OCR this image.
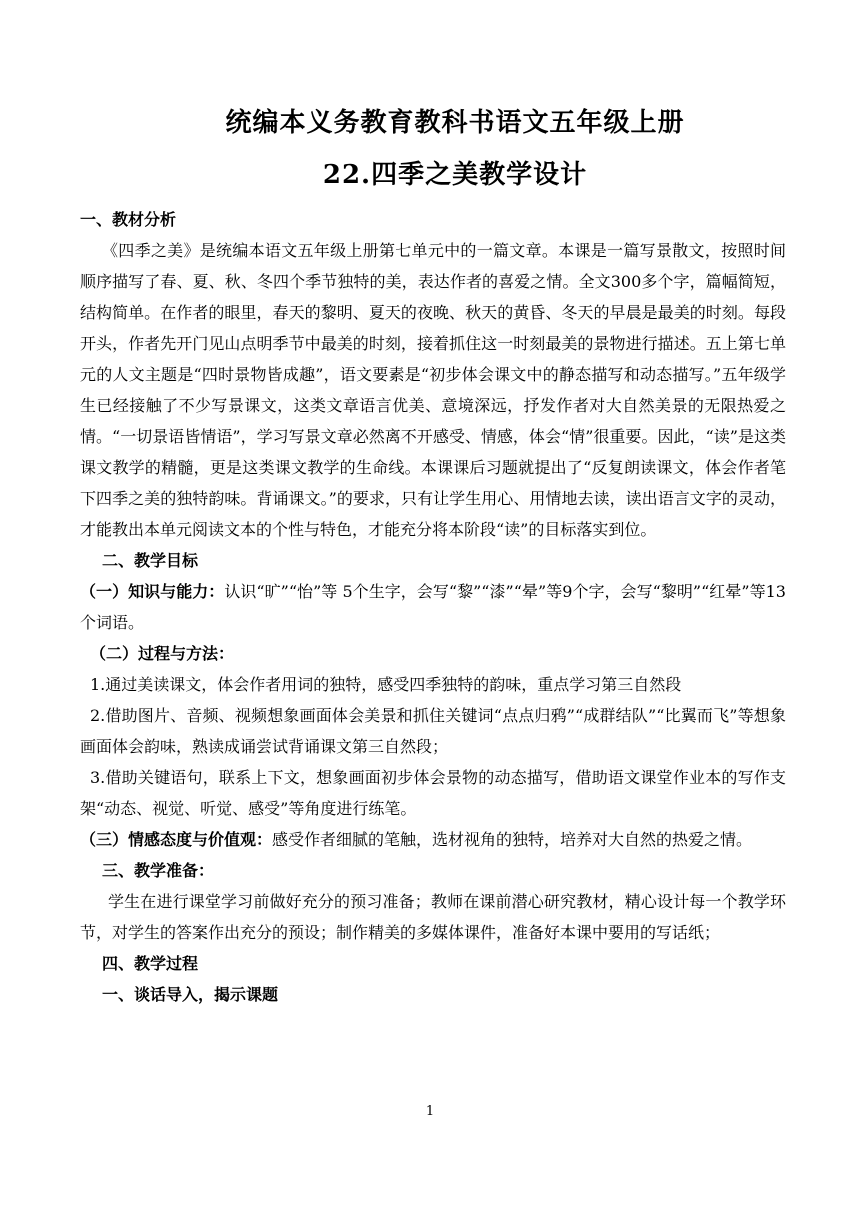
统编本义务教育教科书语文五年级上册
22.四季之美教学设计

一、教材分析

《四季之美》是统编本语文五年级上册第七单元中的一篇文章。本课是一篇写景散文，按照时间顺序描写了春、夏、秋、冬四个季节独特的美，表达作者的喜爱之情。全文300多个字，篇幅简短，结构简单。在作者的眼里，春天的黎明、夏天的夜晚、秋天的黄昏、冬天的早晨是最美的时刻。每段开头，作者先开门见山点明季节中最美的时刻，接着抓住这一时刻最美的景物进行描述。五上第七单元的人文主题是“四时景物皆成趣”，语文要素是“初步体会课文中的静态描写和动态描写。”五年级学生已经接触了不少写景课文，这类文章语言优美、意境深远，抒发作者对大自然美景的无限热爱之情。“一切景语皆情语”，学习写景文章必然离不开感受、情感，体会“情”很重要。因此，“读”是这类课文教学的精髓，更是这类课文教学的生命线。本课课后习题就提出了“反复朗读课文，体会作者笔下四季之美的独特韵味。背诵课文。”的要求，只有让学生用心、用情地去读，读出语言文字的灵动，才能教出本单元阅读文本的个性与特色，才能充分将本阶段“读”的目标落实到位。

二、教学目标

（一）知识与能力：认识“旷”“怡”等 5个生字，会写“黎”“漆”“晕”等9个字，会写“黎明”“红晕”等13个词语。

（二）过程与方法：

1.通过美读课文，体会作者用词的独特，感受四季独特的韵味，重点学习第三自然段

2.借助图片、音频、视频想象画面体会美景和抓住关键词“点点归鸦”“成群结队”“比翼而飞”等想象画面体会韵味，熟读成诵尝试背诵课文第三自然段；

3.借助关键语句，联系上下文，想象画面初步体会景物的动态描写，借助语文课堂作业本的写作支架“动态、视觉、听觉、感受”等角度进行练笔。

（三）情感态度与价值观：感受作者细腻的笔触，选材视角的独特，培养对大自然的热爱之情。

三、教学准备：

学生在进行课堂学习前做好充分的预习准备；教师在课前潜心研究教材，精心设计每一个教学环节，对学生的答案作出充分的预设；制作精美的多媒体课件，准备好本课中要用的写话纸；

四、教学过程

一、谈话导入，揭示课题

1
